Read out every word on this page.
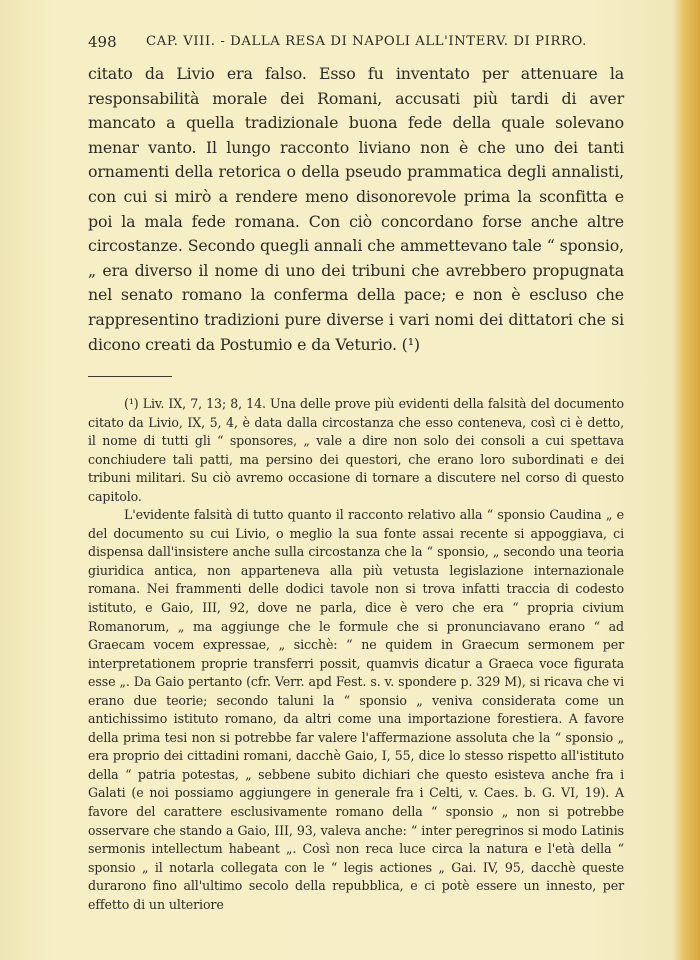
498 CAP. VIII. - DALLA RESA DI NAPOLI ALL'INTERV. DI PIRRO.

citato da Livio era falso. Esso fu inventato per attenuare la responsabilità morale dei Romani, accusati più tardi di aver mancato a quella tradizionale buona fede della quale solevano menar vanto. Il lungo racconto liviano non è che uno dei tanti ornamenti della retorica o della pseudo prammatica degli annalisti, con cui si mirò a rendere meno disonorevole prima la sconfitta e poi la mala fede romana. Con ciò concordano forse anche altre circostanze. Secondo quegli annali che ammettevano tale “ sponsio, „ era diverso il nome di uno dei tribuni che avrebbero propugnata nel senato romano la conferma della pace; e non è escluso che rappresentino tradizioni pure diverse i vari nomi dei dittatori che si dicono creati da Postumio e da Veturio. (¹)

(¹) Liv. IX, 7, 13; 8, 14. Una delle prove più evidenti della falsità del documento citato da Livio, IX, 5, 4, è data dalla circostanza che esso conteneva, così ci è detto, il nome di tutti gli “ sponsores, „ vale a dire non solo dei consoli a cui spettava conchiudere tali patti, ma persino dei questori, che erano loro subordinati e dei tribuni militari. Su ciò avremo occasione di tornare a discutere nel corso di questo capitolo.

L'evidente falsità di tutto quanto il racconto relativo alla “ sponsio Caudina „ e del documento su cui Livio, o meglio la sua fonte assai recente si appoggiava, ci dispensa dall'insistere anche sulla circostanza che la “ sponsio, „ secondo una teoria giuridica antica, non apparteneva alla più vetusta legislazione internazionale romana. Nei frammenti delle dodici tavole non si trova infatti traccia di codesto istituto, e Gaio, III, 92, dove ne parla, dice è vero che era “ propria civium Romanorum, „ ma aggiunge che le formule che si pronunciavano erano “ ad Graecam vocem expressae, „ sicchè: “ ne quidem in Graecum sermonem per interpretationem proprie transferri possit, quamvis dicatur a Graeca voce figurata esse „. Da Gaio pertanto (cfr. Verr. apd Fest. s. v. spondere p. 329 M), si ricava che vi erano due teorie; secondo taluni la “ sponsio „ veniva considerata come un antichissimo istituto romano, da altri come una importazione forestiera. A favore della prima tesi non si potrebbe far valere l'affermazione assoluta che la “ sponsio „ era proprio dei cittadini romani, dacchè Gaio, I, 55, dice lo stesso rispetto all'istituto della “ patria potestas, „ sebbene subito dichiari che questo esisteva anche fra i Galati (e noi possiamo aggiungere in generale fra i Celti, v. Caes. b. G. VI, 19). A favore del carattere esclusivamente romano della “ sponsio „ non si potrebbe osservare che stando a Gaio, III, 93, valeva anche: “ inter peregrinos si modo Latinis sermonis intellectum habeant „. Così non reca luce circa la natura e l'età della “ sponsio „ il notarla collegata con le “ legis actiones „ Gai. IV, 95, dacchè queste durarono fino all'ultimo secolo della repubblica, e ci potè essere un innesto, per effetto di un ulteriore
